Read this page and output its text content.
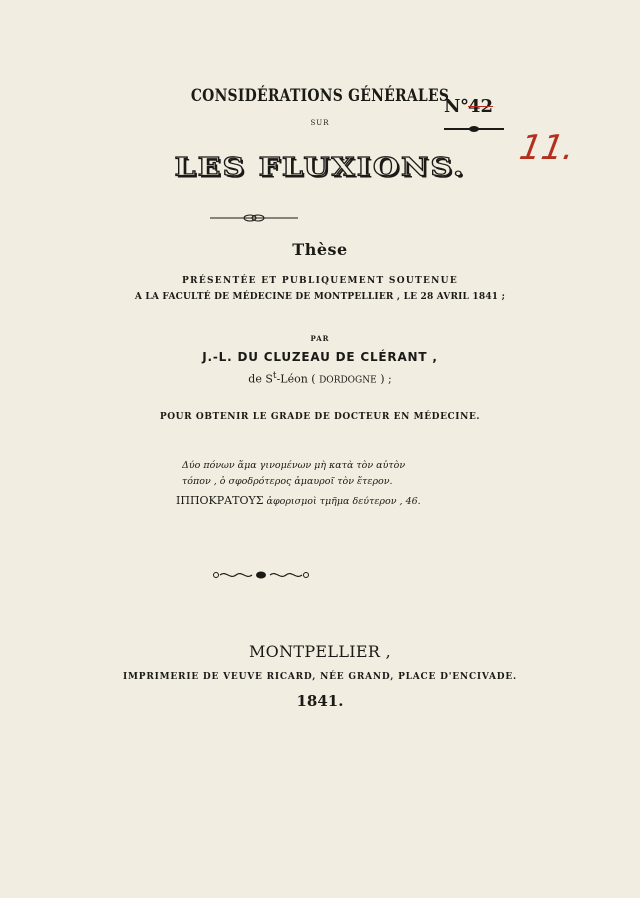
N° 42
11.
CONSIDÉRATIONS GÉNÉRALES
SUR
LES FLUXIONS.
Thèse
PRÉSENTÉE ET PUBLIQUEMENT SOUTENUE
A LA FACULTÉ DE MÉDECINE DE MONTPELLIER , LE 28 AVRIL 1841 ;
PAR
J.-L. DU CLUZEAU DE CLÉRANT ,
de $S^t$-Léon ( DORDOGNE ) ;
POUR OBTENIR LE GRADE DE DOCTEUR EN MÉDECINE.
Δύο πόνων ἅμα γινομένων μὴ κατὰ τὸν αὐτὸν
τόπον , ὁ σφοδρότερος ἀμαυροῖ τὸν ἕτερον.
ΙΠΠΟΚΡΑΤΟΥΣ ἀφορισμοὶ τμῆμα δεύτερον , 46.
MONTPELLIER ,
IMPRIMERIE DE VEUVE RICARD, NÉE GRAND, PLACE D'ENCIVADE.
1841.
